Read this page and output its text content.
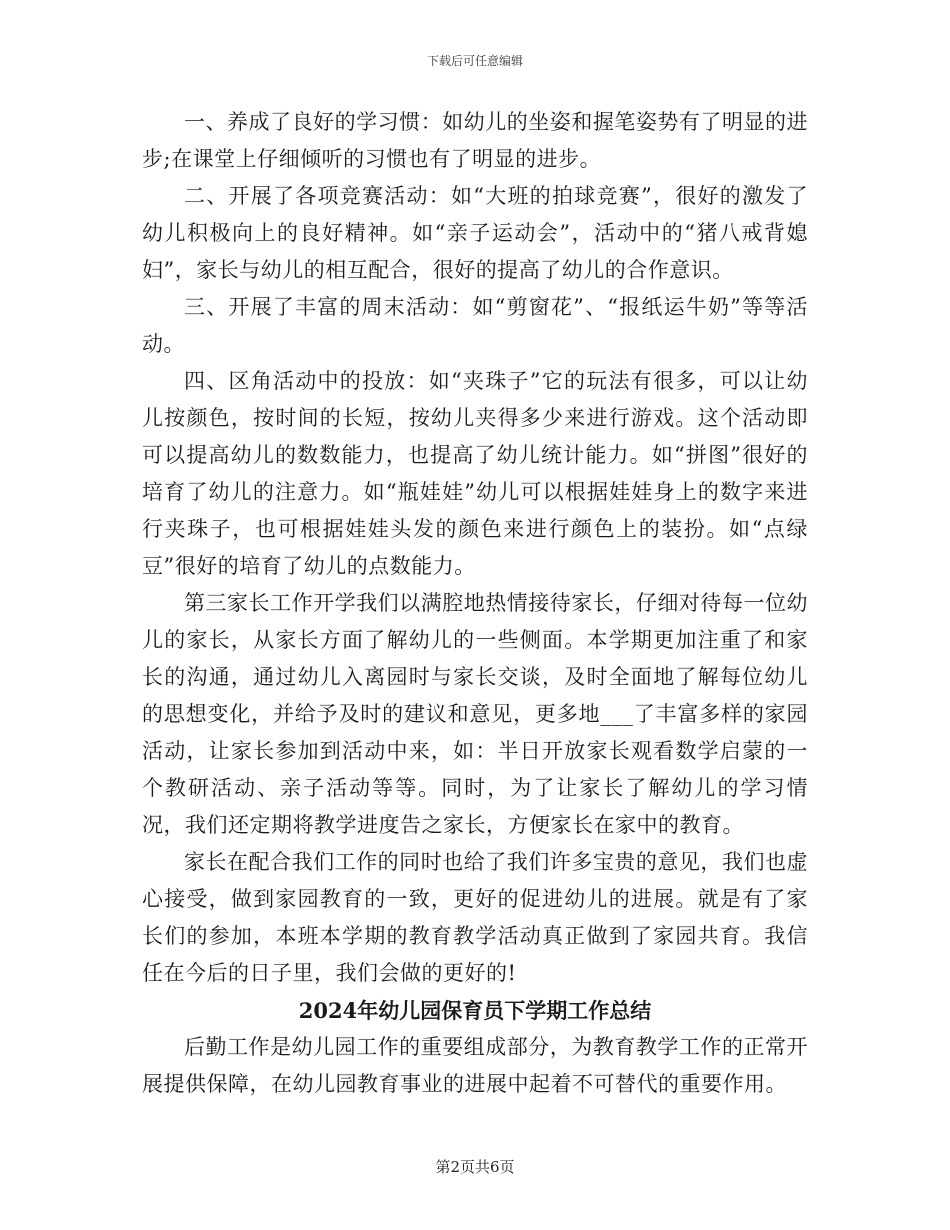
下载后可任意编辑

一、养成了良好的学习惯：如幼儿的坐姿和握笔姿势有了明显的进步;在课堂上仔细倾听的习惯也有了明显的进步。

二、开展了各项竞赛活动：如“大班的拍球竞赛”，很好的激发了幼儿积极向上的良好精神。如“亲子运动会”，活动中的“猪八戒背媳妇”，家长与幼儿的相互配合，很好的提高了幼儿的合作意识。

三、开展了丰富的周末活动：如“剪窗花”、“报纸运牛奶”等等活动。

四、区角活动中的投放：如“夹珠子”它的玩法有很多，可以让幼儿按颜色，按时间的长短，按幼儿夹得多少来进行游戏。这个活动即可以提高幼儿的数数能力，也提高了幼儿统计能力。如“拼图”很好的培育了幼儿的注意力。如“瓶娃娃”幼儿可以根据娃娃身上的数字来进行夹珠子，也可根据娃娃头发的颜色来进行颜色上的装扮。如“点绿豆”很好的培育了幼儿的点数能力。

第三家长工作开学我们以满腔地热情接待家长，仔细对待每一位幼儿的家长，从家长方面了解幼儿的一些侧面。本学期更加注重了和家长的沟通，通过幼儿入离园时与家长交谈，及时全面地了解每位幼儿的思想变化，并给予及时的建议和意见，更多地___了丰富多样的家园活动，让家长参加到活动中来，如：半日开放家长观看数学启蒙的一个教研活动、亲子活动等等。同时，为了让家长了解幼儿的学习情况，我们还定期将教学进度告之家长，方便家长在家中的教育。

家长在配合我们工作的同时也给了我们许多宝贵的意见，我们也虚心接受，做到家园教育的一致，更好的促进幼儿的进展。就是有了家长们的参加，本班本学期的教育教学活动真正做到了家园共育。我信任在今后的日子里，我们会做的更好的!

2024年幼儿园保育员下学期工作总结

后勤工作是幼儿园工作的重要组成部分，为教育教学工作的正常开展提供保障，在幼儿园教育事业的进展中起着不可替代的重要作用。

第2页共6页
